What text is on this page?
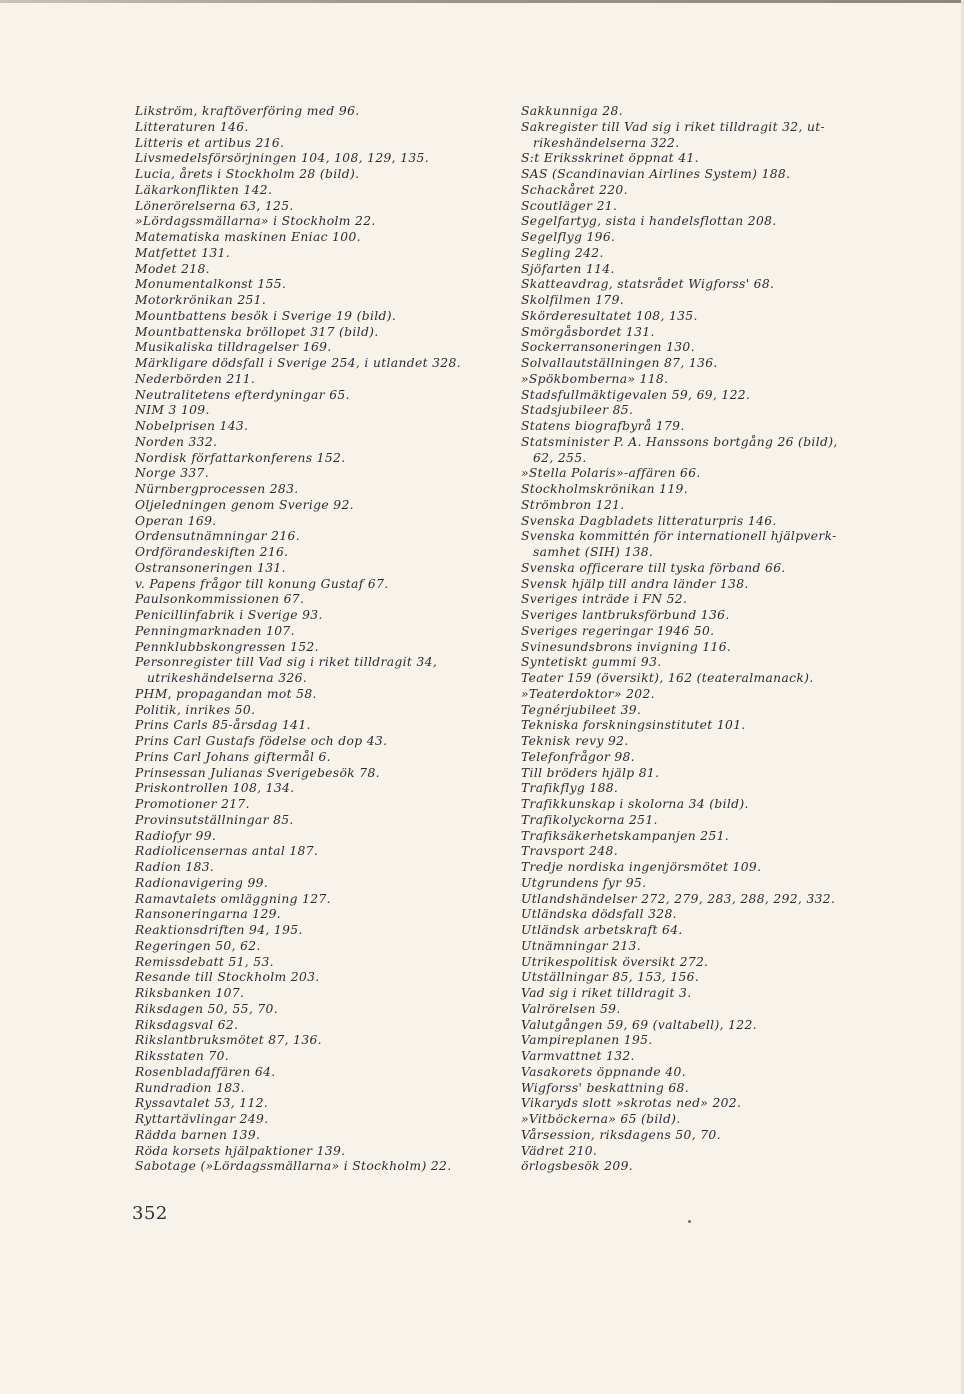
Likström, kraftöverföring med 96.
Litteraturen 146.
Litteris et artibus 216.
Livsmedelsförsörjningen 104, 108, 129, 135.
Lucia, årets i Stockholm 28 (bild).
Läkarkonflikten 142.
Lönerörelserna 63, 125.
»Lördagssmällarna» i Stockholm 22.
Matematiska maskinen Eniac 100.
Matfettet 131.
Modet 218.
Monumentalkonst 155.
Motorkrönikan 251.
Mountbattens besök i Sverige 19 (bild).
Mountbattenska bröllopet 317 (bild).
Musikaliska tilldragelser 169.
Märkligare dödsfall i Sverige 254, i utlandet 328.
Nederbörden 211.
Neutralitetens efterdyningar 65.
NIM 3 109.
Nobelprisen 143.
Norden 332.
Nordisk författarkonferens 152.
Norge 337.
Nürnbergprocessen 283.
Oljeledningen genom Sverige 92.
Operan 169.
Ordensutnämningar 216.
Ordförandeskiften 216.
Ostransoneringen 131.
v. Papens frågor till konung Gustaf 67.
Paulsonkommissionen 67.
Penicillinfabrik i Sverige 93.
Penningmarknaden 107.
Pennklubbskongressen 152.
Personregister till Vad sig i riket tilldragit 34,
utrikeshändelserna 326.
PHM, propagandan mot 58.
Politik, inrikes 50.
Prins Carls 85-årsdag 141.
Prins Carl Gustafs födelse och dop 43.
Prins Carl Johans giftermål 6.
Prinsessan Julianas Sverigebesök 78.
Priskontrollen 108, 134.
Promotioner 217.
Provinsutställningar 85.
Radiofyr 99.
Radiolicensernas antal 187.
Radion 183.
Radionavigering 99.
Ramavtalets omläggning 127.
Ransoneringarna 129.
Reaktionsdriften 94, 195.
Regeringen 50, 62.
Remissdebatt 51, 53.
Resande till Stockholm 203.
Riksbanken 107.
Riksdagen 50, 55, 70.
Riksdagsval 62.
Rikslantbruksmötet 87, 136.
Riksstaten 70.
Rosenbladaffären 64.
Rundradion 183.
Ryssavtalet 53, 112.
Ryttartävlingar 249.
Rädda barnen 139.
Röda korsets hjälpaktioner 139.
Sabotage (»Lördagssmällarna» i Stockholm) 22.
Sakkunniga 28.
Sakregister till Vad sig i riket tilldragit 32, ut-
rikeshändelserna 322.
S:t Eriksskrinet öppnat 41.
SAS (Scandinavian Airlines System) 188.
Schackåret 220.
Scoutläger 21.
Segelfartyg, sista i handelsflottan 208.
Segelflyg 196.
Segling 242.
Sjöfarten 114.
Skatteavdrag, statsrådet Wigforss' 68.
Skolfilmen 179.
Skörderesultatet 108, 135.
Smörgåsbordet 131.
Sockerransoneringen 130.
Solvallautställningen 87, 136.
»Spökbomberna» 118.
Stadsfullmäktigevalen 59, 69, 122.
Stadsjubileer 85.
Statens biografbyrå 179.
Statsminister P. A. Hanssons bortgång 26 (bild),
62, 255.
»Stella Polaris»-affären 66.
Stockholmskrönikan 119.
Strömbron 121.
Svenska Dagbladets litteraturpris 146.
Svenska kommittén för internationell hjälpverk-
samhet (SIH) 138.
Svenska officerare till tyska förband 66.
Svensk hjälp till andra länder 138.
Sveriges inträde i FN 52.
Sveriges lantbruksförbund 136.
Sveriges regeringar 1946 50.
Svinesundsbrons invigning 116.
Syntetiskt gummi 93.
Teater 159 (översikt), 162 (teateralmanack).
»Teaterdoktor» 202.
Tegnérjubileet 39.
Tekniska forskningsinstitutet 101.
Teknisk revy 92.
Telefonfrågor 98.
Till bröders hjälp 81.
Trafikflyg 188.
Trafikkunskap i skolorna 34 (bild).
Trafikolyckorna 251.
Trafiksäkerhetskampanjen 251.
Travsport 248.
Tredje nordiska ingenjörsmötet 109.
Utgrundens fyr 95.
Utlandshändelser 272, 279, 283, 288, 292, 332.
Utländska dödsfall 328.
Utländsk arbetskraft 64.
Utnämningar 213.
Utrikespolitisk översikt 272.
Utställningar 85, 153, 156.
Vad sig i riket tilldragit 3.
Valrörelsen 59.
Valutgången 59, 69 (valtabell), 122.
Vampireplanen 195.
Varmvattnet 132.
Vasakorets öppnande 40.
Wigforss' beskattning 68.
Vikaryds slott »skrotas ned» 202.
»Vitböckerna» 65 (bild).
Vårsession, riksdagens 50, 70.
Vädret 210.
örlogsbesök 209.
352
